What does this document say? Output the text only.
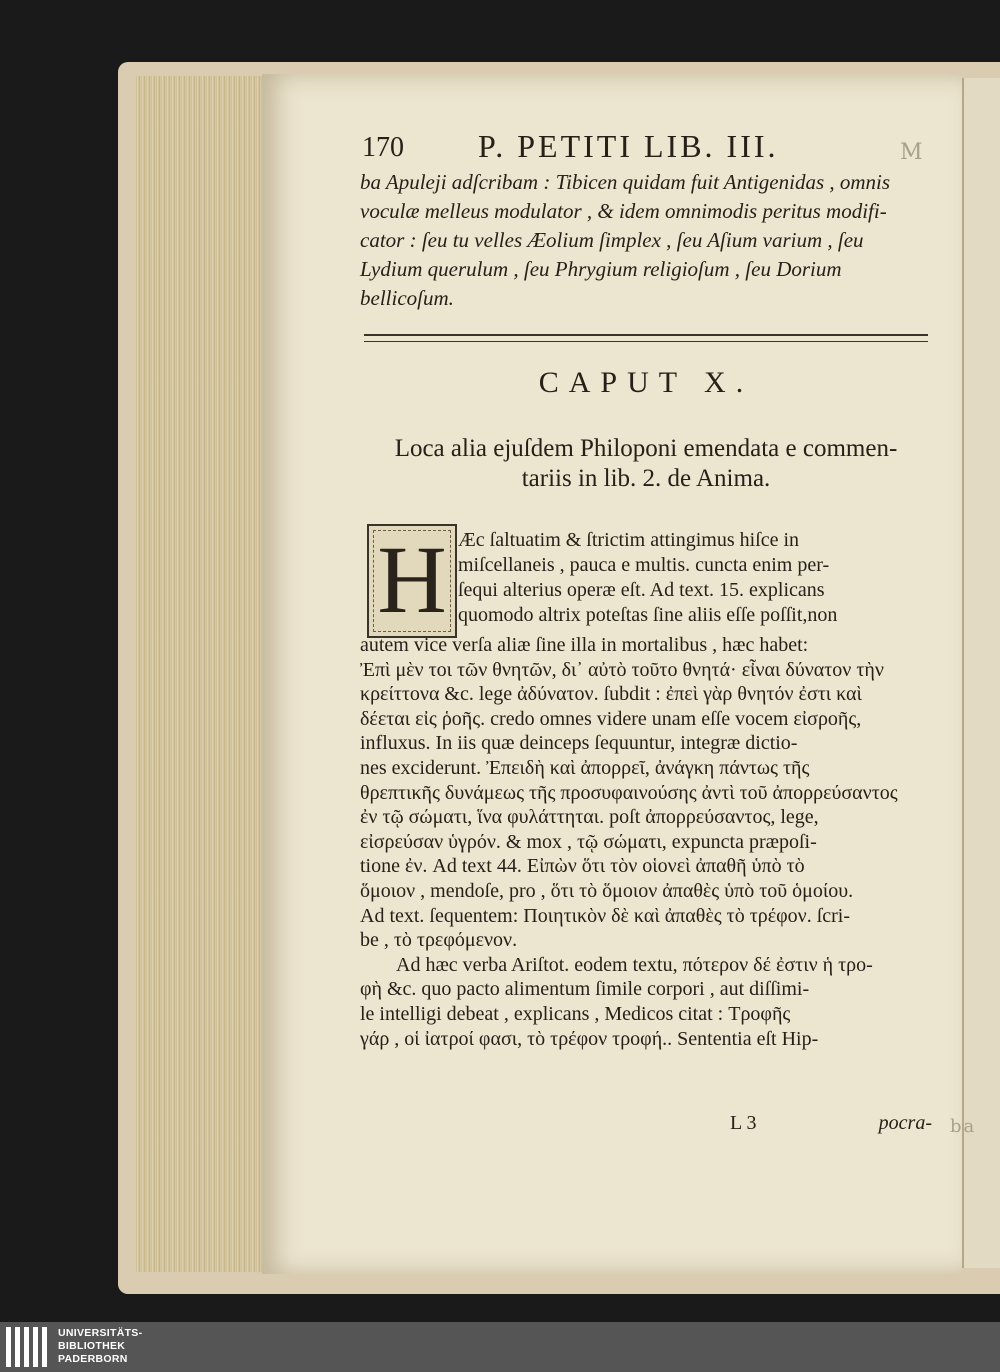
M
ba
170 P. PETITI LIB. III.
ba Apuleji adſcribam : Tibicen quidam fuit Antigenidas , omnis
voculæ melleus modulator , & idem omnimodis peritus modifi-
cator : ſeu tu velles Æolium ſimplex , ſeu Aſium varium , ſeu
Lydium querulum , ſeu Phrygium religioſum , ſeu Dorium
bellicoſum.
CAPUT X.
Loca alia ejuſdem Philoponi emendata e commen-
tariis in lib. 2. de Anima.
H Æc ſaltuatim & ſtrictim attingimus hiſce in
miſcellaneis , pauca e multis. cuncta enim per-
ſequi alterius operæ eſt. Ad text. 15. explicans
quomodo altrix poteſtas ſine aliis eſſe poſſit,non
autem vice verſa aliæ ſine illa in mortalibus , hæc habet:
Ἐπὶ μὲν τοι τῶν θνητῶν, δι᾽ αὐτὸ τοῦτο θνητά· εἶναι δύνατον τὴν
κρείττονα &c. lege ἀδύνατον. ſubdit : ἐπεὶ γὰρ θνητόν ἐστι καὶ
δέεται εἰς ῥοῆς. credo omnes videre unam eſſe vocem εἰσροῆς,
influxus. In iis quæ deinceps ſequuntur, integræ dictio-
nes exciderunt. Ἐπειδὴ καὶ ἀπορρεῖ, ἀνάγκη πάντως τῆς
θρεπτικῆς δυνάμεως τῆς προσυφαινούσης ἀντὶ τοῦ ἀπορρεύσαντος
ἐν τῷ σώματι, ἵνα φυλάττηται. poſt ἀπορρεύσαντος, lege,
εἰσρεύσαν ὑγρόν. & mox , τῷ σώματι, expuncta præpoſi-
tione ἐν. Ad text 44. Εἰπὼν ὅτι τὸν οἱονεὶ ἀπαθῆ ὑπὸ τὸ
ὅμοιον , mendoſe, pro , ὅτι τὸ ὅμοιον ἀπαθὲς ὑπὸ τοῦ ὁμοίου.
Ad text. ſequentem: Ποιητικὸν δὲ καὶ ἀπαθὲς τὸ τρέφον. ſcri-
be , τὸ τρεφόμενον.
Ad hæc verba Ariſtot. eodem textu, πότερον δέ ἐστιν ἡ τρο-
φὴ &c. quo pacto alimentum ſimile corpori , aut diſſimi-
le intelligi debeat , explicans , Medicos citat : Τροφῆς
γάρ , οἱ ἰατροί φασι, τὸ τρέφον τροφή.. Sententia eſt Hip-
L 3	pocra-
UNIVERSITÄTS-
BIBLIOTHEK
PADERBORN
